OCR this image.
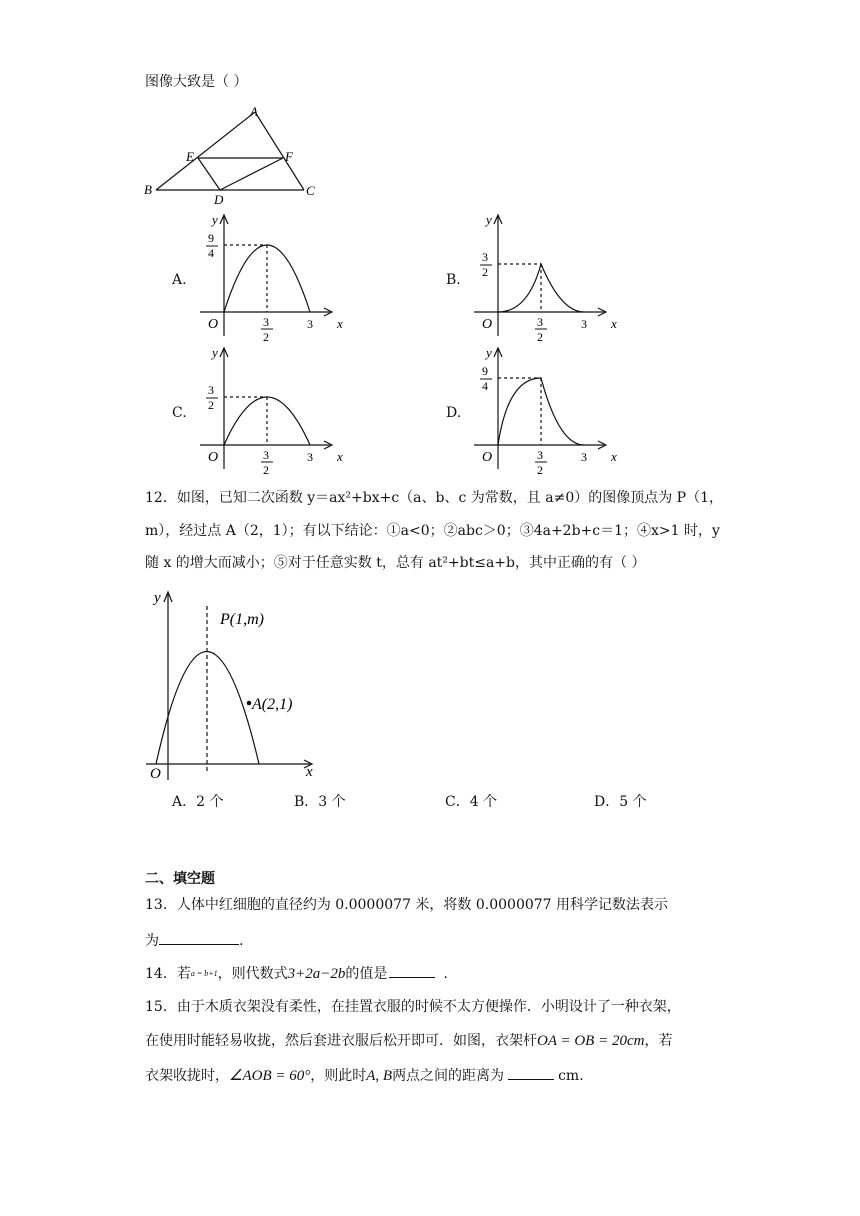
图像大致是（ ）
A
B	C
D
E	F
A.
9
4
3
2
3
O	x
y
B.
3
2
3
2
3
O	x
y
C.
3
2
3
2
3
O	x
y
D.
9
4
3
2
3
O	x
y
12．如图，已知二次函数 y＝ax²+bx+c（a、b、c 为常数，且 a≠0）的图像顶点为 P（1，
m），经过点 A（2，1）；有以下结论：①a<0；②abc＞0；③4a+2b+c＝1；④x>1 时，y
随 x 的增大而减小；⑤对于任意实数 t，总有 at²+bt≤a+b，其中正确的有（ ）
P(1,m)
A(2,1)
O	x
y
A．2 个	B．3 个	C．4 个	D．5 个
二、填空题
13．人体中红细胞的直径约为 0.0000077 米，将数 0.0000077 用科学记数法表示
为	.
14．若a = b+1，则代数式3+2a−2b的值是	.
15．由于木质衣架没有柔性，在挂置衣服的时候不太方便操作．小明设计了一种衣架，
在使用时能轻易收拢，然后套进衣服后松开即可．如图，衣架杆OA = OB = 20cm，若
衣架收拢时，∠AOB = 60°，则此时A, B两点之间的距离为	cm.
